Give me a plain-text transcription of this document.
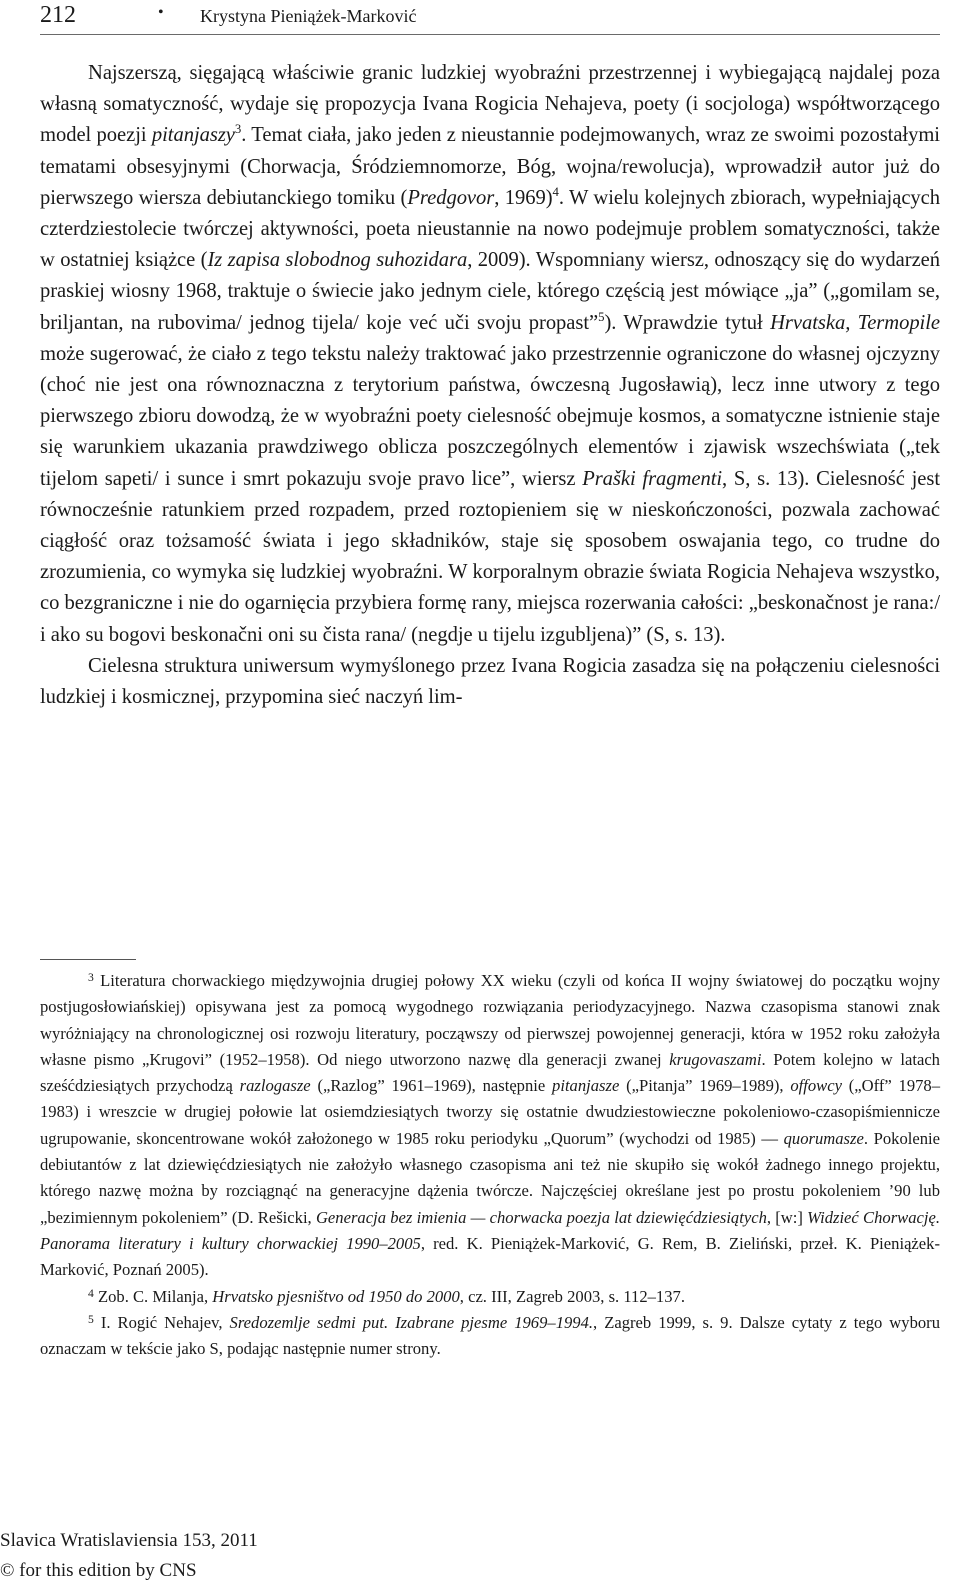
212	• Krystyna Pieniążek-Marković

Najszerszą, sięgającą właściwie granic ludzkiej wyobraźni przestrzennej i wybiegającą najdalej poza własną somatyczność, wydaje się propozycja Ivana Rogicia Nehajeva, poety (i socjologa) współtworzącego model poezji pitanjaszy$^3$. Temat ciała, jako jeden z nieustannie podejmowanych, wraz ze swoimi pozostałymi tematami obsesyjnymi (Chorwacja, Śródziemnomorze, Bóg, wojna/rewolucja), wprowadził autor już do pierwszego wiersza debiutanckiego tomiku (Predgovor, 1969)$^4$. W wielu kolejnych zbiorach, wypełniających czterdziestolecie twórczej aktywności, poeta nieustannie na nowo podejmuje problem somatyczności, także w ostatniej książce (Iz zapisa slobodnog suhozidara, 2009). Wspomniany wiersz, odnoszący się do wydarzeń praskiej wiosny 1968, traktuje o świecie jako jednym ciele, którego częścią jest mówiące „ja” („gomilam se, briljantan, na rubovima/ jednog tijela/ koje već uči svoju propast”$^5$). Wprawdzie tytuł Hrvatska, Termopile może sugerować, że ciało z tego tekstu należy traktować jako przestrzennie ograniczone do własnej ojczyzny (choć nie jest ona równoznaczna z terytorium państwa, ówczesną Jugosławią), lecz inne utwory z tego pierwszego zbioru dowodzą, że w wyobraźni poety cielesność obejmuje kosmos, a somatyczne istnienie staje się warunkiem ukazania prawdziwego oblicza poszczególnych elementów i zjawisk wszechświata („tek tijelom sapeti/ i sunce i smrt pokazuju svoje pravo lice”, wiersz Praški fragmenti, S, s. 13). Cielesność jest równocześnie ratunkiem przed rozpadem, przed roztopieniem się w nieskończoności, pozwala zachować ciągłość oraz tożsamość świata i jego składników, staje się sposobem oswajania tego, co trudne do zrozumienia, co wymyka się ludzkiej wyobraźni. W korporalnym obrazie świata Rogicia Nehajeva wszystko, co bezgraniczne i nie do ogarnięcia przybiera formę rany, miejsca rozerwania całości: „beskonačnost je rana:/ i ako su bogovi beskonačni oni su čista rana/ (negdje u tijelu izgubljena)” (S, s. 13).

Cielesna struktura uniwersum wymyślonego przez Ivana Rogicia zasadza się na połączeniu cielesności ludzkiej i kosmicznej, przypomina sieć naczyń lim-

$^3$ Literatura chorwackiego międzywojnia drugiej połowy XX wieku (czyli od końca II wojny światowej do początku wojny postjugosłowiańskiej) opisywana jest za pomocą wygodnego rozwiązania periodyzacyjnego. Nazwa czasopisma stanowi znak wyróżniający na chronologicznej osi rozwoju literatury, począwszy od pierwszej powojennej generacji, która w 1952 roku założyła własne pismo „Krugovi” (1952–1958). Od niego utworzono nazwę dla generacji zwanej krugovaszami. Potem kolejno w latach sześćdziesiątych przychodzą razlogasze („Razlog” 1961–1969), następnie pitanjasze („Pitanja” 1969–1989), offowcy („Off” 1978–1983) i wreszcie w drugiej połowie lat osiemdziesiątych tworzy się ostatnie dwudziestowieczne pokoleniowo-czasopiśmiennicze ugrupowanie, skoncentrowane wokół założonego w 1985 roku periodyku „Quorum” (wychodzi od 1985) — quorumasze. Pokolenie debiutantów z lat dziewięćdziesiątych nie założyło własnego czasopisma ani też nie skupiło się wokół żadnego innego projektu, którego nazwę można by rozciągnąć na generacyjne dążenia twórcze. Najczęściej określane jest po prostu pokoleniem ’90 lub „bezimiennym pokoleniem” (D. Rešicki, Generacja bez imienia — chorwacka poezja lat dziewięćdziesiątych, [w:] Widzieć Chorwację. Panorama literatury i kultury chorwackiej 1990–2005, red. K. Pieniążek-Marković, G. Rem, B. Zieliński, przeł. K. Pieniążek-Marković, Poznań 2005).

$^4$ Zob. C. Milanja, Hrvatsko pjesništvo od 1950 do 2000, cz. III, Zagreb 2003, s. 112–137.

$^5$ I. Rogić Nehajev, Sredozemlje sedmi put. Izabrane pjesme 1969–1994., Zagreb 1999, s. 9. Dalsze cytaty z tego wyboru oznaczam w tekście jako S, podając następnie numer strony.

Slavica Wratislaviensia 153, 2011
© for this edition by CNS
